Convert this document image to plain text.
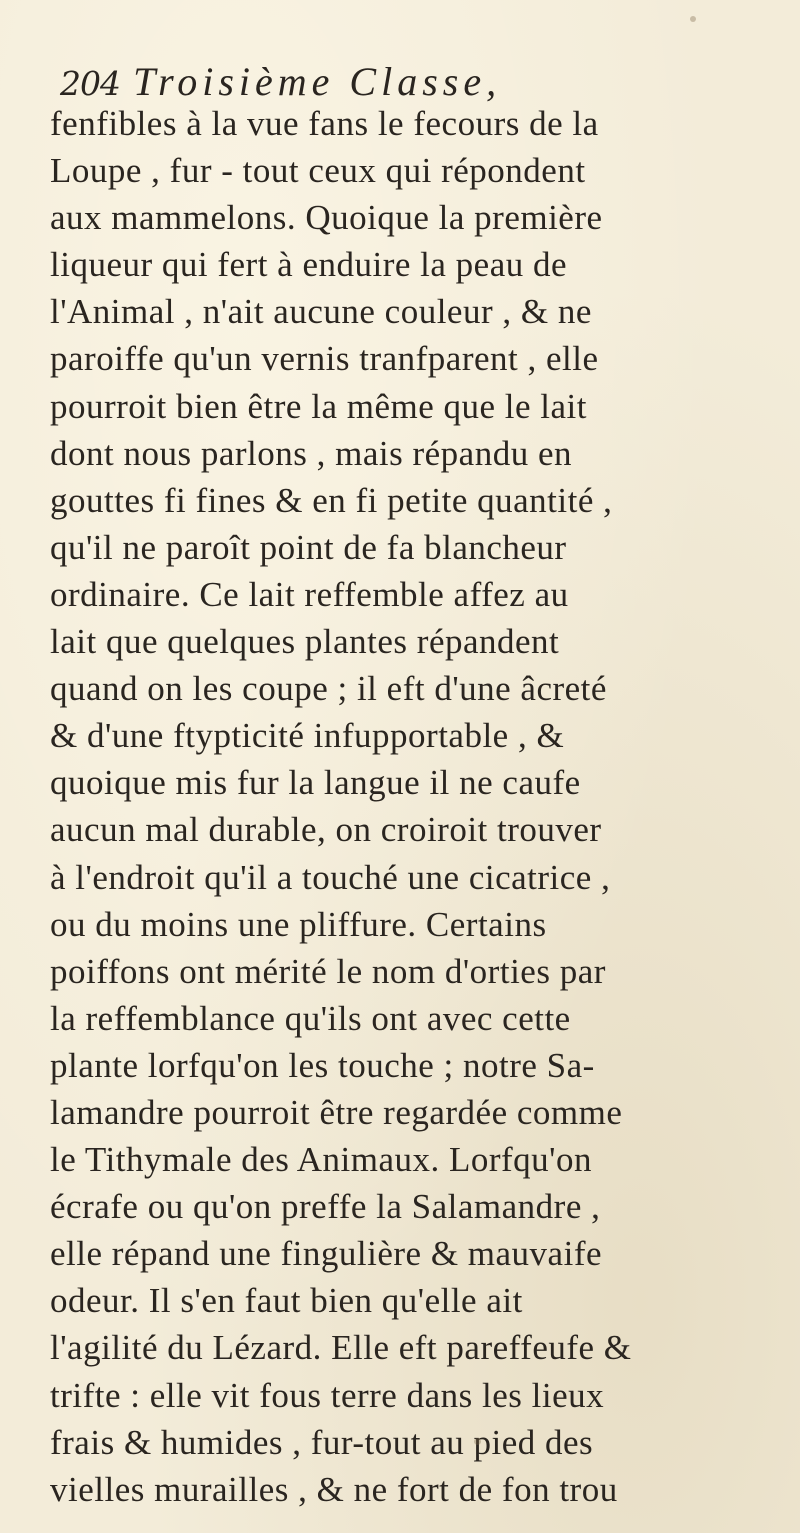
204 Troisième Classe,
fenfibles à la vue fans le fecours de la
Loupe , fur - tout ceux qui répondent
aux mammelons. Quoique la première
liqueur qui fert à enduire la peau de
l'Animal , n'ait aucune couleur , & ne
paroiffe qu'un vernis tranfparent , elle
pourroit bien être la même que le lait
dont nous parlons , mais répandu en
gouttes fi fines & en fi petite quantité ,
qu'il ne paroît point de fa blancheur
ordinaire. Ce lait reffemble affez au
lait que quelques plantes répandent
quand on les coupe ; il eft d'une âcreté
& d'une ftypticité infupportable , &
quoique mis fur la langue il ne caufe
aucun mal durable, on croiroit trouver
à l'endroit qu'il a touché une cicatrice ,
ou du moins une pliffure. Certains
poiffons ont mérité le nom d'orties par
la reffemblance qu'ils ont avec cette
plante lorfqu'on les touche ; notre Sa-
lamandre pourroit être regardée comme
le Tithymale des Animaux. Lorfqu'on
écrafe ou qu'on preffe la Salamandre ,
elle répand une fingulière & mauvaife
odeur. Il s'en faut bien qu'elle ait
l'agilité du Lézard. Elle eft pareffeufe &
trifte : elle vit fous terre dans les lieux
frais & humides , fur-tout au pied des
vielles murailles , & ne fort de fon trou
